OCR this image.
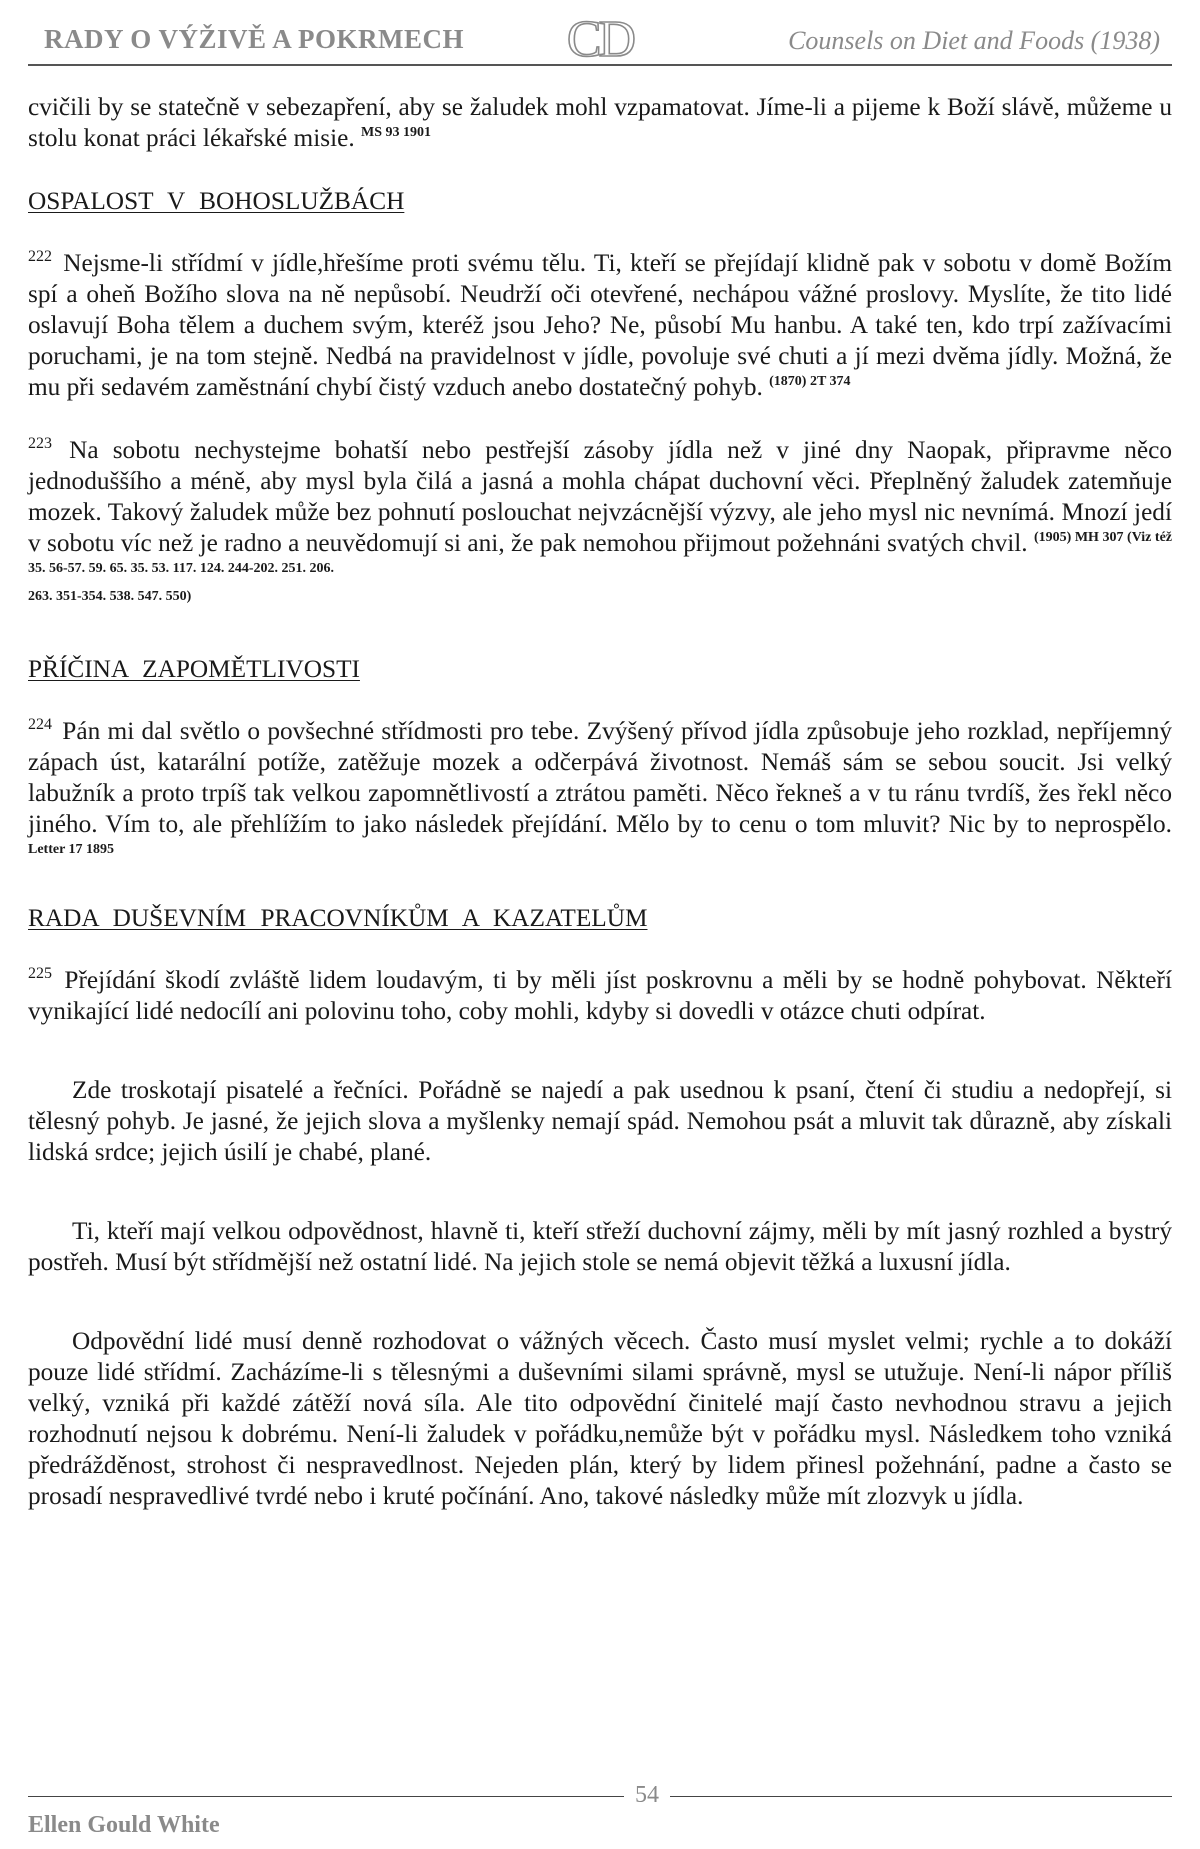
RADY O VÝŽIVĚ A POKRMECH CD	Counsels on Diet and Foods (1938)

cvičili by se statečně v sebezapření, aby se žaludek mohl vzpamatovat. Jíme-li a pijeme k Boží slávě, můžeme u stolu konat práci lékařské misie. $^{MS 93 1901}$

OSPALOST V BOHOSLUŽBÁCH

$^{222}$ Nejsme-li střídmí v jídle,hřešíme proti svému tělu. Ti, kteří se přejídají klidně pak v sobotu v domě Božím spí a oheň Božího slova na ně nepůsobí. Neudrží oči otevřené, nechápou vážné proslovy. Myslíte, že tito lidé oslavují Boha tělem a duchem svým, kteréž jsou Jeho? Ne, působí Mu hanbu. A také ten, kdo trpí zažívacími poruchami, je na tom stejně. Nedbá na pravidelnost v jídle, povoluje své chuti a jí mezi dvěma jídly. Možná, že mu při sedavém zaměstnání chybí čistý vzduch anebo dostatečný pohyb. $^{(1870) 2T 374}$

$^{223}$ Na sobotu nechystejme bohatší nebo pestřejší zásoby jídla než v jiné dny Naopak, připravme něco jednoduššího a méně, aby mysl byla čilá a jasná a mohla chápat duchovní věci. Přeplněný žaludek zatemňuje mozek. Takový žaludek může bez pohnutí poslouchat nejvzácnější výzvy, ale jeho mysl nic nevnímá. Mnozí jedí v sobotu víc než je radno a neuvědomují si ani, že pak nemohou přijmout požehnáni svatých chvil. $^{(1905) MH 307 (Viz též 35. 56-57. 59. 65. 35. 53. 117. 124. 244-202. 251. 206.}$
263. 351-354. 538. 547. 550)

PŘÍČINA ZAPOMĚTLIVOSTI

$^{224}$ Pán mi dal světlo o povšechné střídmosti pro tebe. Zvýšený přívod jídla způsobuje jeho rozklad, nepříjemný zápach úst, katarální potíže, zatěžuje mozek a odčerpává životnost. Nemáš sám se sebou soucit. Jsi velký labužník a proto trpíš tak velkou zapomnětlivostí a ztrátou paměti. Něco řekneš a v tu ránu tvrdíš, žes řekl něco jiného. Vím to, ale přehlížím to jako následek přejídání. Mělo by to cenu o tom mluvit? Nic by to neprospělo. $^{Letter 17 1895}$

RADA DUŠEVNÍM PRACOVNÍKŮM A KAZATELŮM

$^{225}$ Přejídání škodí zvláště lidem loudavým, ti by měli jíst poskrovnu a měli by se hodně pohybovat. Někteří vynikající lidé nedocílí ani polovinu toho, coby mohli, kdyby si dovedli v otázce chuti odpírat.

Zde troskotají pisatelé a řečníci. Pořádně se najedí a pak usednou k psaní, čtení či studiu a nedopřejí, si tělesný pohyb. Je jasné, že jejich slova a myšlenky nemají spád. Nemohou psát a mluvit tak důrazně, aby získali lidská srdce; jejich úsilí je chabé, plané.

Ti, kteří mají velkou odpovědnost, hlavně ti, kteří střeží duchovní zájmy, měli by mít jasný rozhled a bystrý postřeh. Musí být střídmější než ostatní lidé. Na jejich stole se nemá objevit těžká a luxusní jídla.

Odpovědní lidé musí denně rozhodovat o vážných věcech. Často musí myslet velmi; rychle a to dokáží pouze lidé střídmí. Zacházíme-li s tělesnými a duševními silami správně, mysl se utužuje. Není-li nápor příliš velký, vzniká při každé zátěží nová síla. Ale tito odpovědní činitelé mají často nevhodnou stravu a jejich rozhodnutí nejsou k dobrému. Není-li žaludek v pořádku,nemůže být v pořádku mysl. Následkem toho vzniká předrážděnost, strohost či nespravedlnost. Nejeden plán, který by lidem přinesl požehnání, padne a často se prosadí nespravedlivé tvrdé nebo i kruté počínání. Ano, takové následky může mít zlozvyk u jídla.

54
Ellen Gould White
